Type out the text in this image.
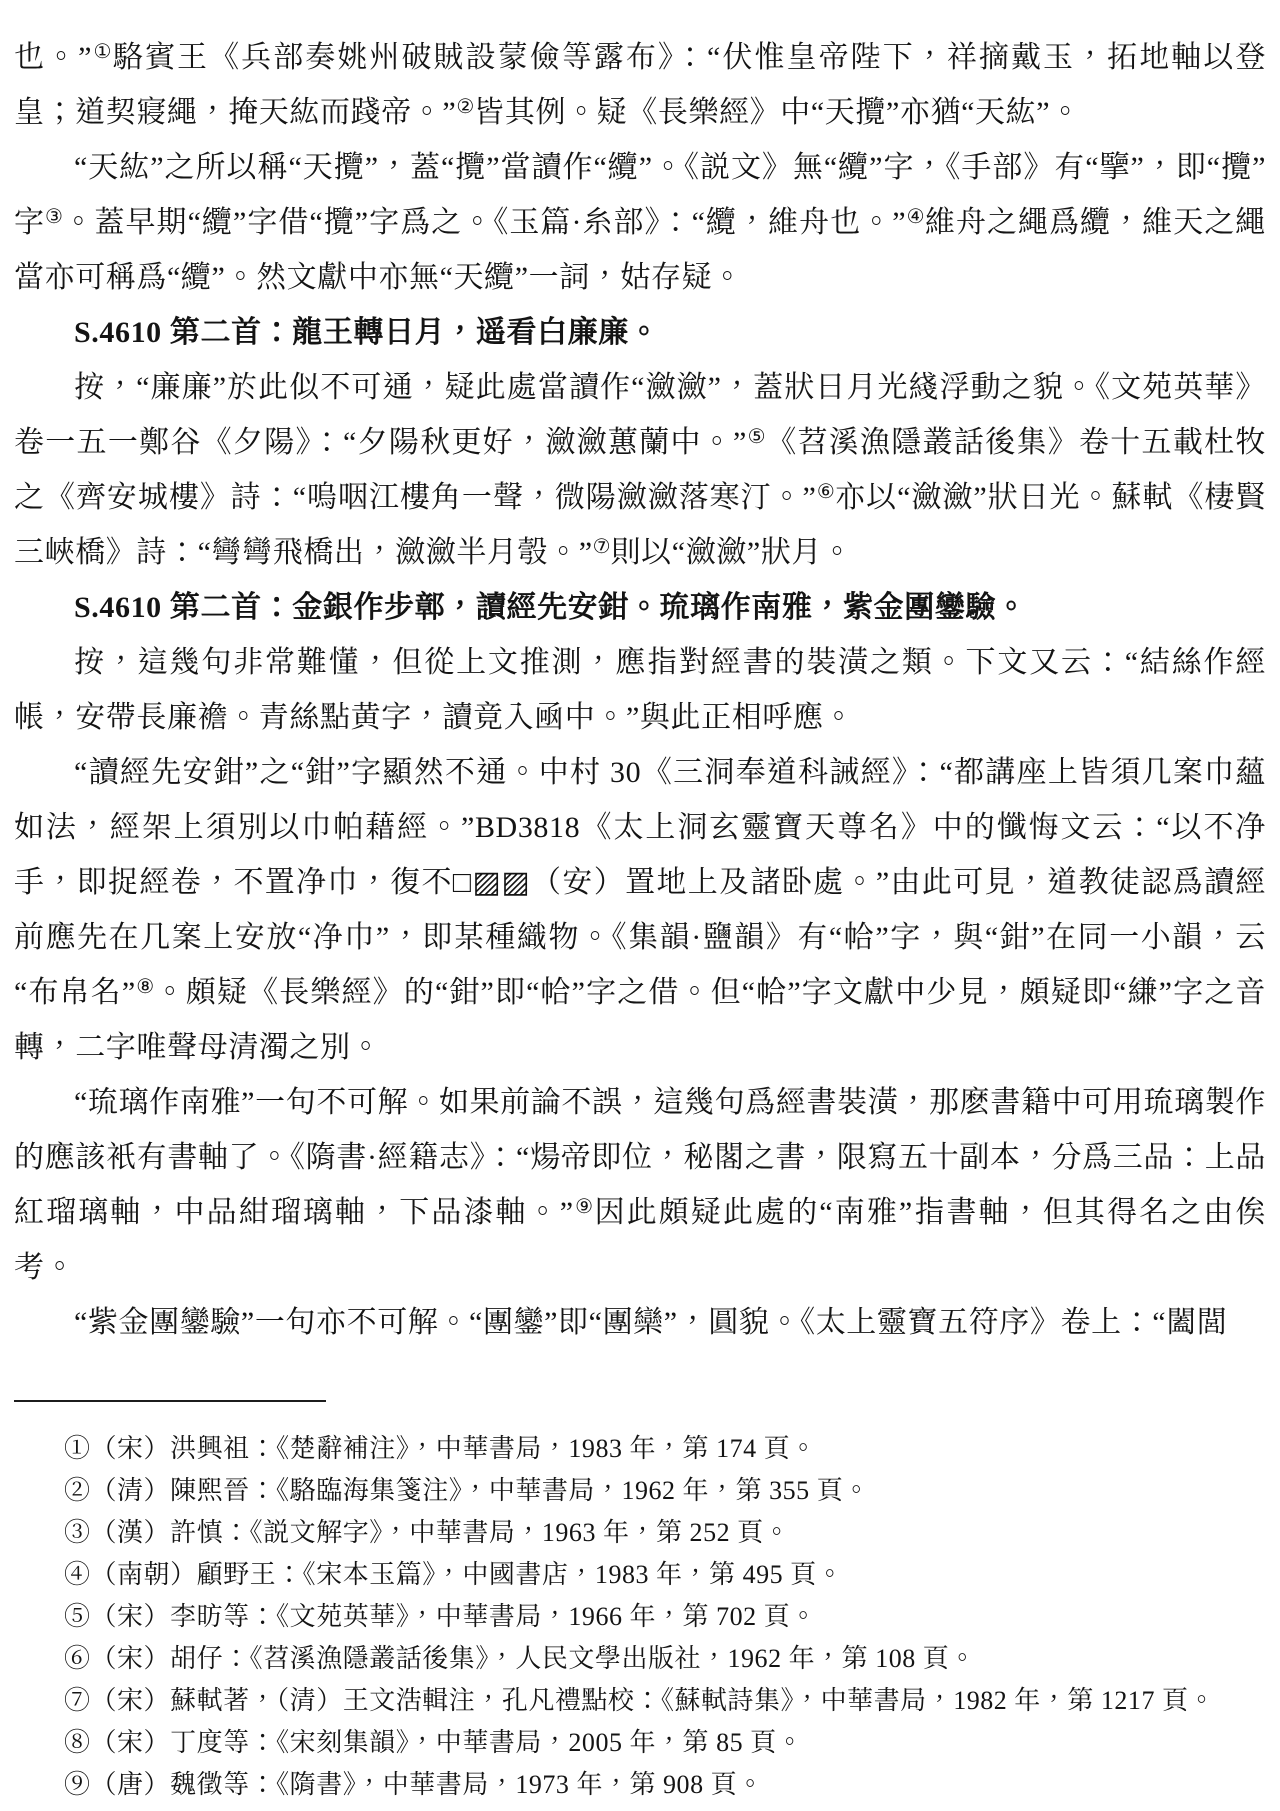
也。”①駱賓王《兵部奏姚州破賊設蒙儉等露布》：“伏惟皇帝陛下，祥摘戴玉，拓地軸以登皇；道契寢繩，掩天紘而踐帝。”②皆其例。疑《長樂經》中“天攬”亦猶“天紘”。

“天紘”之所以稱“天攬”，蓋“攬”當讀作“纜”。《説文》無“纜”字，《手部》有“擥”，即“攬”字③。蓋早期“纜”字借“攬”字爲之。《玉篇·糸部》：“纜，維舟也。”④維舟之繩爲纜，維天之繩當亦可稱爲“纜”。然文獻中亦無“天纜”一詞，姑存疑。

S.4610 第二首：龍王轉日月，遥看白廉廉。

按，“廉廉”於此似不可通，疑此處當讀作“瀲瀲”，蓋狀日月光綫浮動之貌。《文苑英華》卷一五一鄭谷《夕陽》：“夕陽秋更好，瀲瀲蕙蘭中。”⑤《苕溪漁隱叢話後集》卷十五載杜牧之《齊安城樓》詩：“嗚咽江樓角一聲，微陽瀲瀲落寒汀。”⑥亦以“瀲瀲”狀日光。蘇軾《棲賢三峽橋》詩：“彎彎飛橋出，瀲瀲半月彀。”⑦則以“瀲瀲”狀月。

S.4610 第二首：金銀作步鄣，讀經先安鉗。琉璃作南雅，紫金團鑾驗。

按，這幾句非常難懂，但從上文推測，應指對經書的裝潢之類。下文又云：“結絲作經帳，安帶長廉襜。青絲點黄字，讀竟入凾中。”與此正相呼應。

“讀經先安鉗”之“鉗”字顯然不通。中村 30《三洞奉道科誡經》：“都講座上皆須几案巾蘊如法，經架上須別以巾帕藉經。”BD3818《太上洞玄靈寶天尊名》中的懺悔文云：“以不净手，即捉經卷，不置净巾，復不□▨▨（安）置地上及諸卧處。”由此可見，道教徒認爲讀經前應先在几案上安放“净巾”，即某種織物。《集韻·鹽韻》有“帢”字，與“鉗”在同一小韻，云“布帛名”⑧。頗疑《長樂經》的“鉗”即“帢”字之借。但“帢”字文獻中少見，頗疑即“縑”字之音轉，二字唯聲母清濁之別。

“琉璃作南雅”一句不可解。如果前論不誤，這幾句爲經書裝潢，那麽書籍中可用琉璃製作的應該衹有書軸了。《隋書·經籍志》：“煬帝即位，秘閣之書，限寫五十副本，分爲三品：上品紅瑠璃軸，中品紺瑠璃軸，下品漆軸。”⑨因此頗疑此處的“南雅”指書軸，但其得名之由俟考。

“紫金團鑾驗”一句亦不可解。“團鑾”即“團欒”，圓貌。《太上靈寶五符序》卷上：“闔閭

①（宋）洪興祖：《楚辭補注》，中華書局，1983 年，第 174 頁。
②（清）陳熙晉：《駱臨海集箋注》，中華書局，1962 年，第 355 頁。
③（漢）許慎：《説文解字》，中華書局，1963 年，第 252 頁。
④（南朝）顧野王：《宋本玉篇》，中國書店，1983 年，第 495 頁。
⑤（宋）李昉等：《文苑英華》，中華書局，1966 年，第 702 頁。
⑥（宋）胡仔：《苕溪漁隱叢話後集》，人民文學出版社，1962 年，第 108 頁。
⑦（宋）蘇軾著，（清）王文浩輯注，孔凡禮點校：《蘇軾詩集》，中華書局，1982 年，第 1217 頁。
⑧（宋）丁度等：《宋刻集韻》，中華書局，2005 年，第 85 頁。
⑨（唐）魏徵等：《隋書》，中華書局，1973 年，第 908 頁。
